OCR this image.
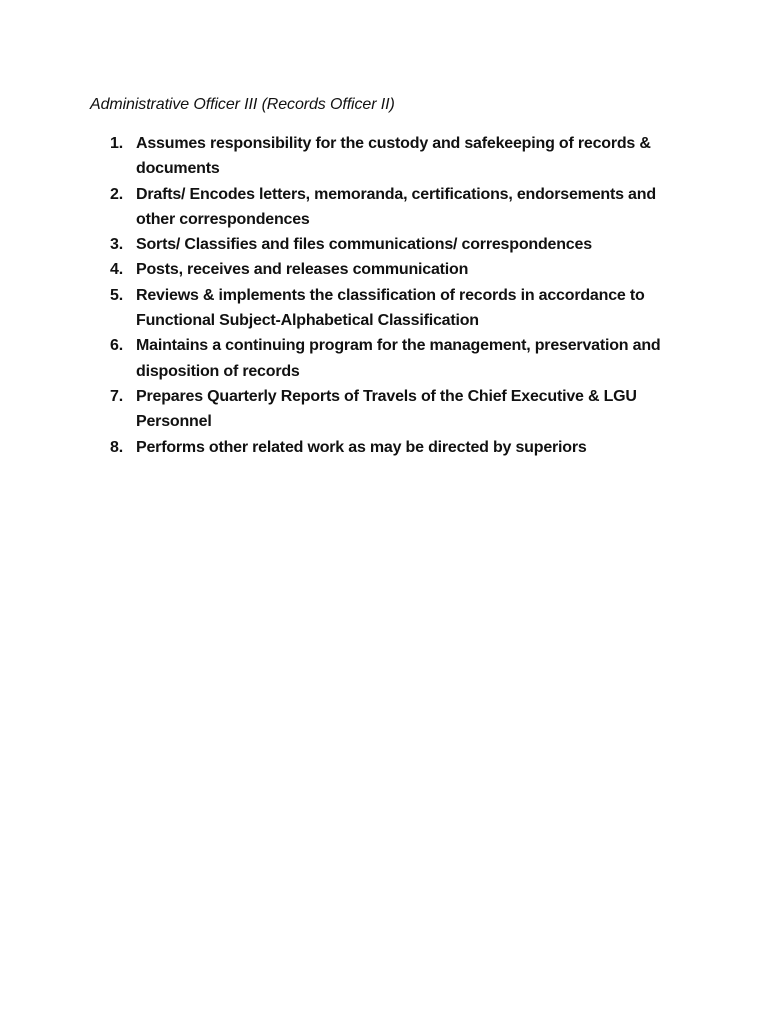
Administrative Officer III (Records Officer II)
1. Assumes responsibility for the custody and safekeeping of records &
documents
2. Drafts/ Encodes letters, memoranda, certifications, endorsements and
other correspondences
3. Sorts/ Classifies and files communications/ correspondences
4. Posts, receives and releases communication
5. Reviews & implements the classification of records in accordance to
Functional Subject-Alphabetical Classification
6. Maintains a continuing program for the management, preservation and
disposition of records
7. Prepares Quarterly Reports of Travels of the Chief Executive & LGU
Personnel
8. Performs other related work as may be directed by superiors
